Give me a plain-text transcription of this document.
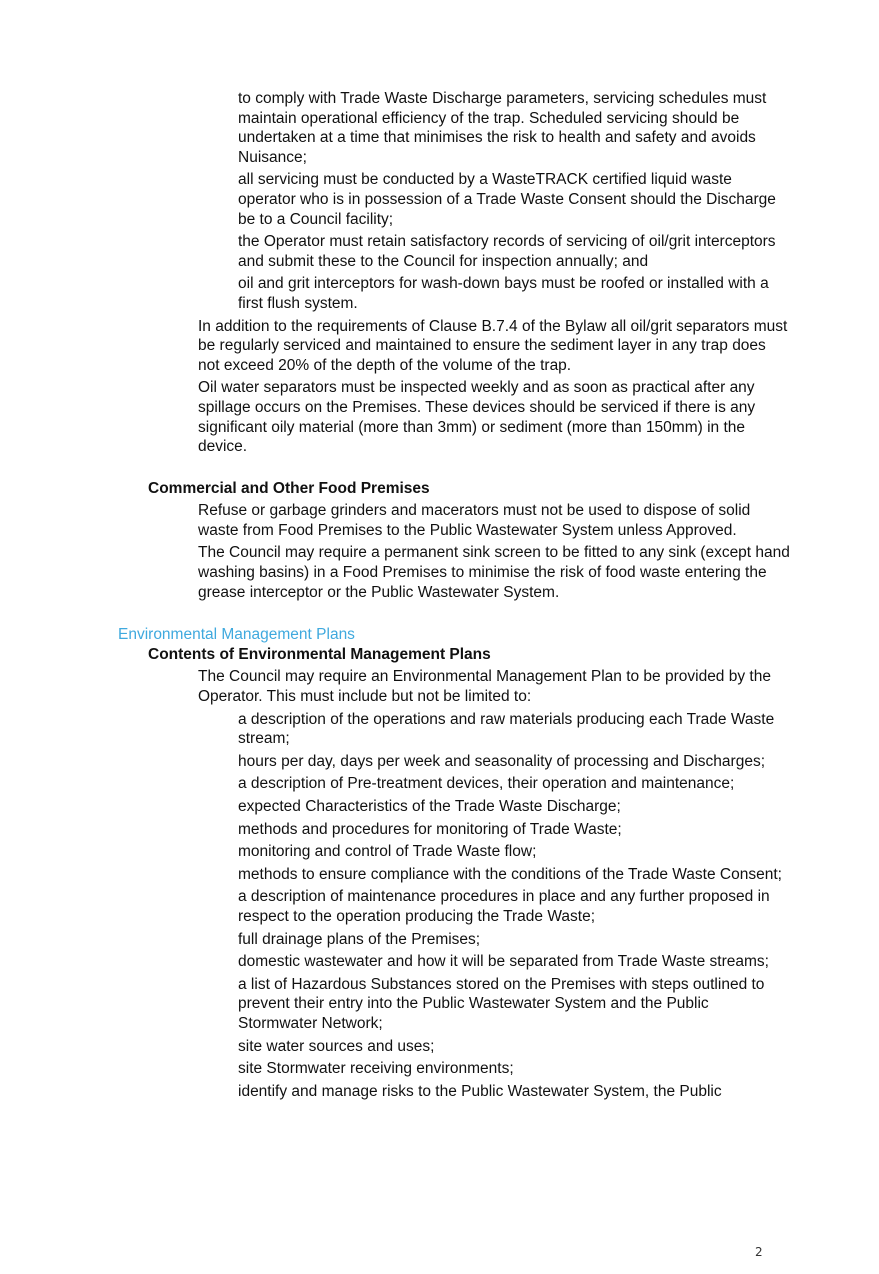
to comply with Trade Waste Discharge parameters, servicing schedules must maintain operational efficiency of the trap. Scheduled servicing should be undertaken at a time that minimises the risk to health and safety and avoids Nuisance;
all servicing must be conducted by a WasteTRACK certified liquid waste operator who is in possession of a Trade Waste Consent should the Discharge be to a Council facility;
the Operator must retain satisfactory records of servicing of oil/grit interceptors and submit these to the Council for inspection annually; and
oil and grit interceptors for wash-down bays must be roofed or installed with a first flush system.
In addition to the requirements of Clause B.7.4 of the Bylaw all oil/grit separators must be regularly serviced and maintained to ensure the sediment layer in any trap does not exceed 20% of the depth of the volume of the trap.
Oil water separators must be inspected weekly and as soon as practical after any spillage occurs on the Premises. These devices should be serviced if there is any significant oily material (more than 3mm) or sediment (more than 150mm) in the device.
Commercial and Other Food Premises
Refuse or garbage grinders and macerators must not be used to dispose of solid waste from Food Premises to the Public Wastewater System unless Approved.
The Council may require a permanent sink screen to be fitted to any sink (except hand washing basins) in a Food Premises to minimise the risk of food waste entering the grease interceptor or the Public Wastewater System.
Environmental Management Plans
Contents of Environmental Management Plans
The Council may require an Environmental Management Plan to be provided by the Operator. This must include but not be limited to:
a description of the operations and raw materials producing each Trade Waste stream;
hours per day, days per week and seasonality of processing and Discharges;
a description of Pre-treatment devices, their operation and maintenance;
expected Characteristics of the Trade Waste Discharge;
methods and procedures for monitoring of Trade Waste;
monitoring and control of Trade Waste flow;
methods to ensure compliance with the conditions of the Trade Waste Consent;
a description of maintenance procedures in place and any further proposed in respect to the operation producing the Trade Waste;
full drainage plans of the Premises;
domestic wastewater and how it will be separated from Trade Waste streams;
a list of Hazardous Substances stored on the Premises with steps outlined to prevent their entry into the Public Wastewater System and the Public Stormwater Network;
site water sources and uses;
site Stormwater receiving environments;
identify and manage risks to the Public Wastewater System, the Public
2
